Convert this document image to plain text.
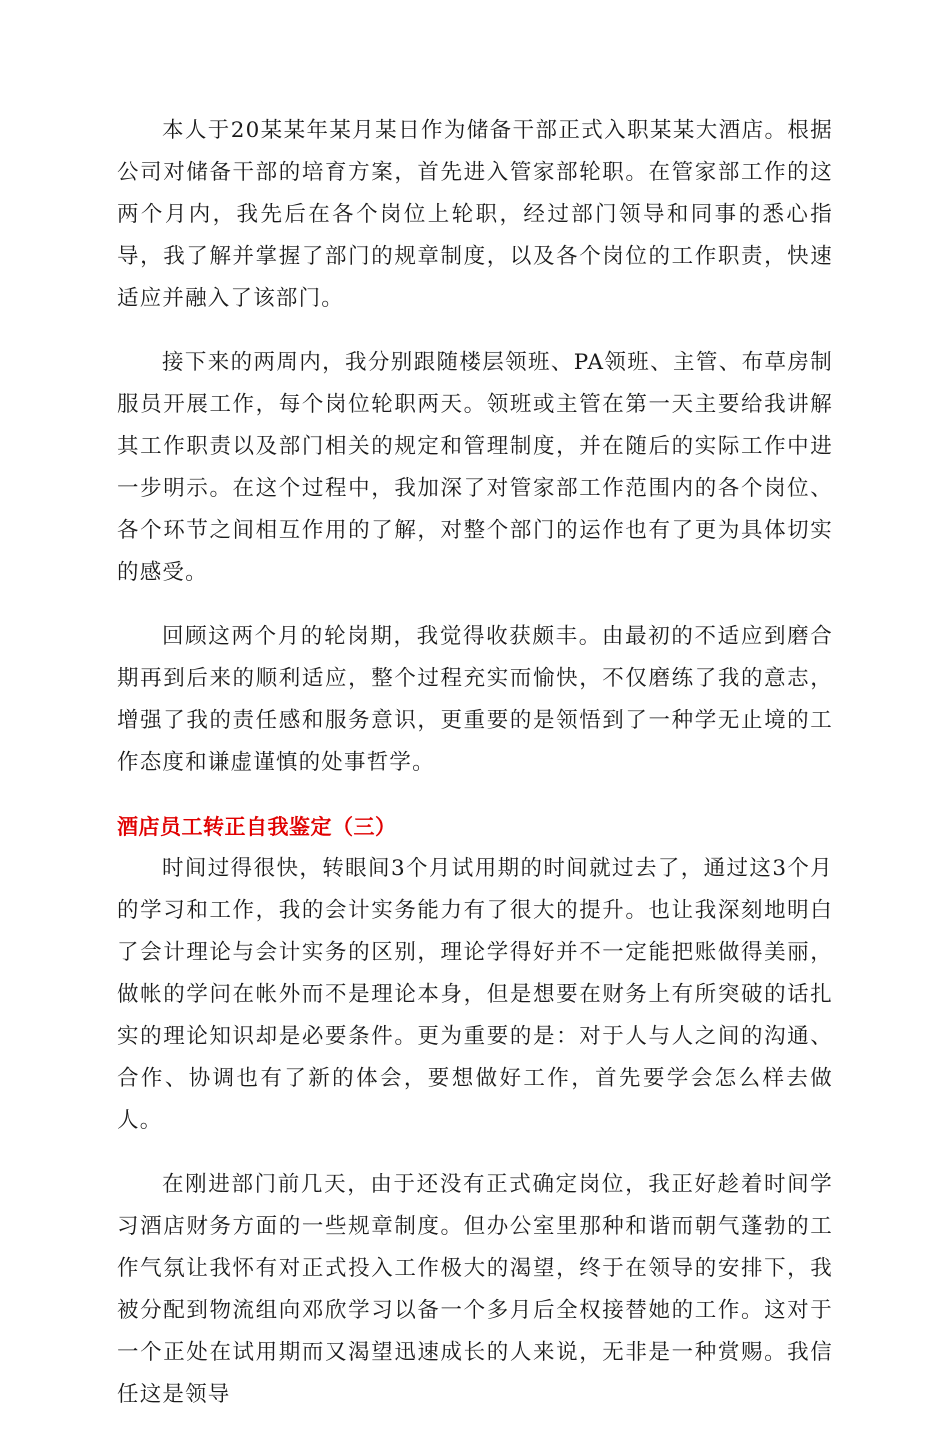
本人于20某某年某月某日作为储备干部正式入职某某大酒店。根据公司对储备干部的培育方案，首先进入管家部轮职。在管家部工作的这两个月内，我先后在各个岗位上轮职，经过部门领导和同事的悉心指导，我了解并掌握了部门的规章制度，以及各个岗位的工作职责，快速适应并融入了该部门。

接下来的两周内，我分别跟随楼层领班、PA领班、主管、布草房制服员开展工作，每个岗位轮职两天。领班或主管在第一天主要给我讲解其工作职责以及部门相关的规定和管理制度，并在随后的实际工作中进一步明示。在这个过程中，我加深了对管家部工作范围内的各个岗位、各个环节之间相互作用的了解，对整个部门的运作也有了更为具体切实的感受。

回顾这两个月的轮岗期，我觉得收获颇丰。由最初的不适应到磨合期再到后来的顺利适应，整个过程充实而愉快，不仅磨练了我的意志，增强了我的责任感和服务意识，更重要的是领悟到了一种学无止境的工作态度和谦虚谨慎的处事哲学。

酒店员工转正自我鉴定（三）

时间过得很快，转眼间3个月试用期的时间就过去了，通过这3个月的学习和工作，我的会计实务能力有了很大的提升。也让我深刻地明白了会计理论与会计实务的区别，理论学得好并不一定能把账做得美丽，做帐的学问在帐外而不是理论本身，但是想要在财务上有所突破的话扎实的理论知识却是必要条件。更为重要的是：对于人与人之间的沟通、合作、协调也有了新的体会，要想做好工作，首先要学会怎么样去做人。

在刚进部门前几天，由于还没有正式确定岗位，我正好趁着时间学习酒店财务方面的一些规章制度。但办公室里那种和谐而朝气蓬勃的工作气氛让我怀有对正式投入工作极大的渴望，终于在领导的安排下，我被分配到物流组向邓欣学习以备一个多月后全权接替她的工作。这对于一个正处在试用期而又渴望迅速成长的人来说，无非是一种赏赐。我信任这是领导
